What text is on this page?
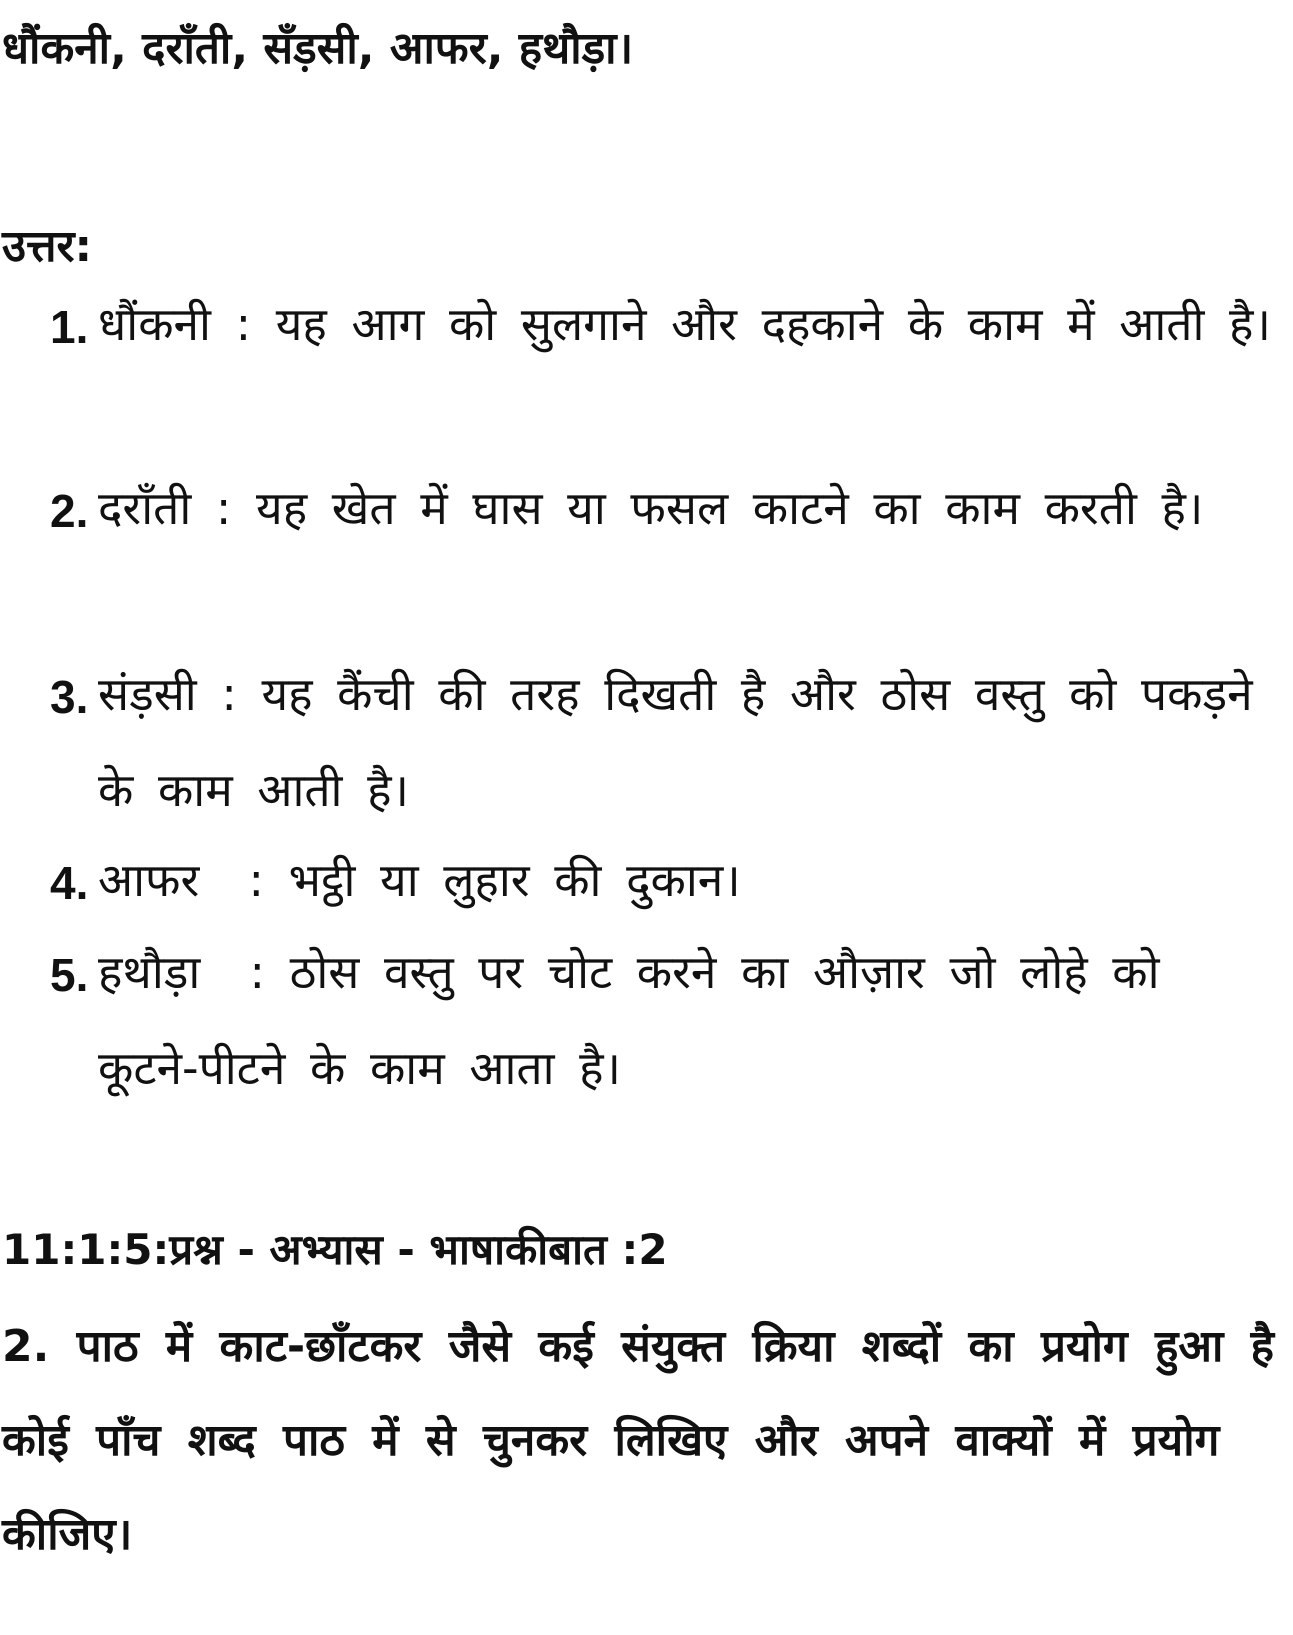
धौंकनी, दराँती, सँड़सी, आफर, हथौड़ा।
उत्तर:
1. धौंकनी : यह आग को सुलगाने और दहकाने के काम में आती है।
2. दराँती : यह खेत में घास या फसल काटने का काम करती है।
3. संड़सी : यह कैंची की तरह दिखती है और ठोस वस्तु को पकड़ने के काम आती है।
4. आफर  : भट्ठी या लुहार की दुकान।
5. हथौड़ा  : ठोस वस्तु पर चोट करने का औज़ार जो लोहे को कूटने-पीटने के काम आता है।
11:1:5:प्रश्न - अभ्यास - भाषाकीबात :2
2. पाठ में काट-छाँटकर जैसे कई संयुक्त क्रिया शब्दों का प्रयोग हुआ है कोई पाँच शब्द पाठ में से चुनकर लिखिए और अपने वाक्यों में प्रयोग कीजिए।
